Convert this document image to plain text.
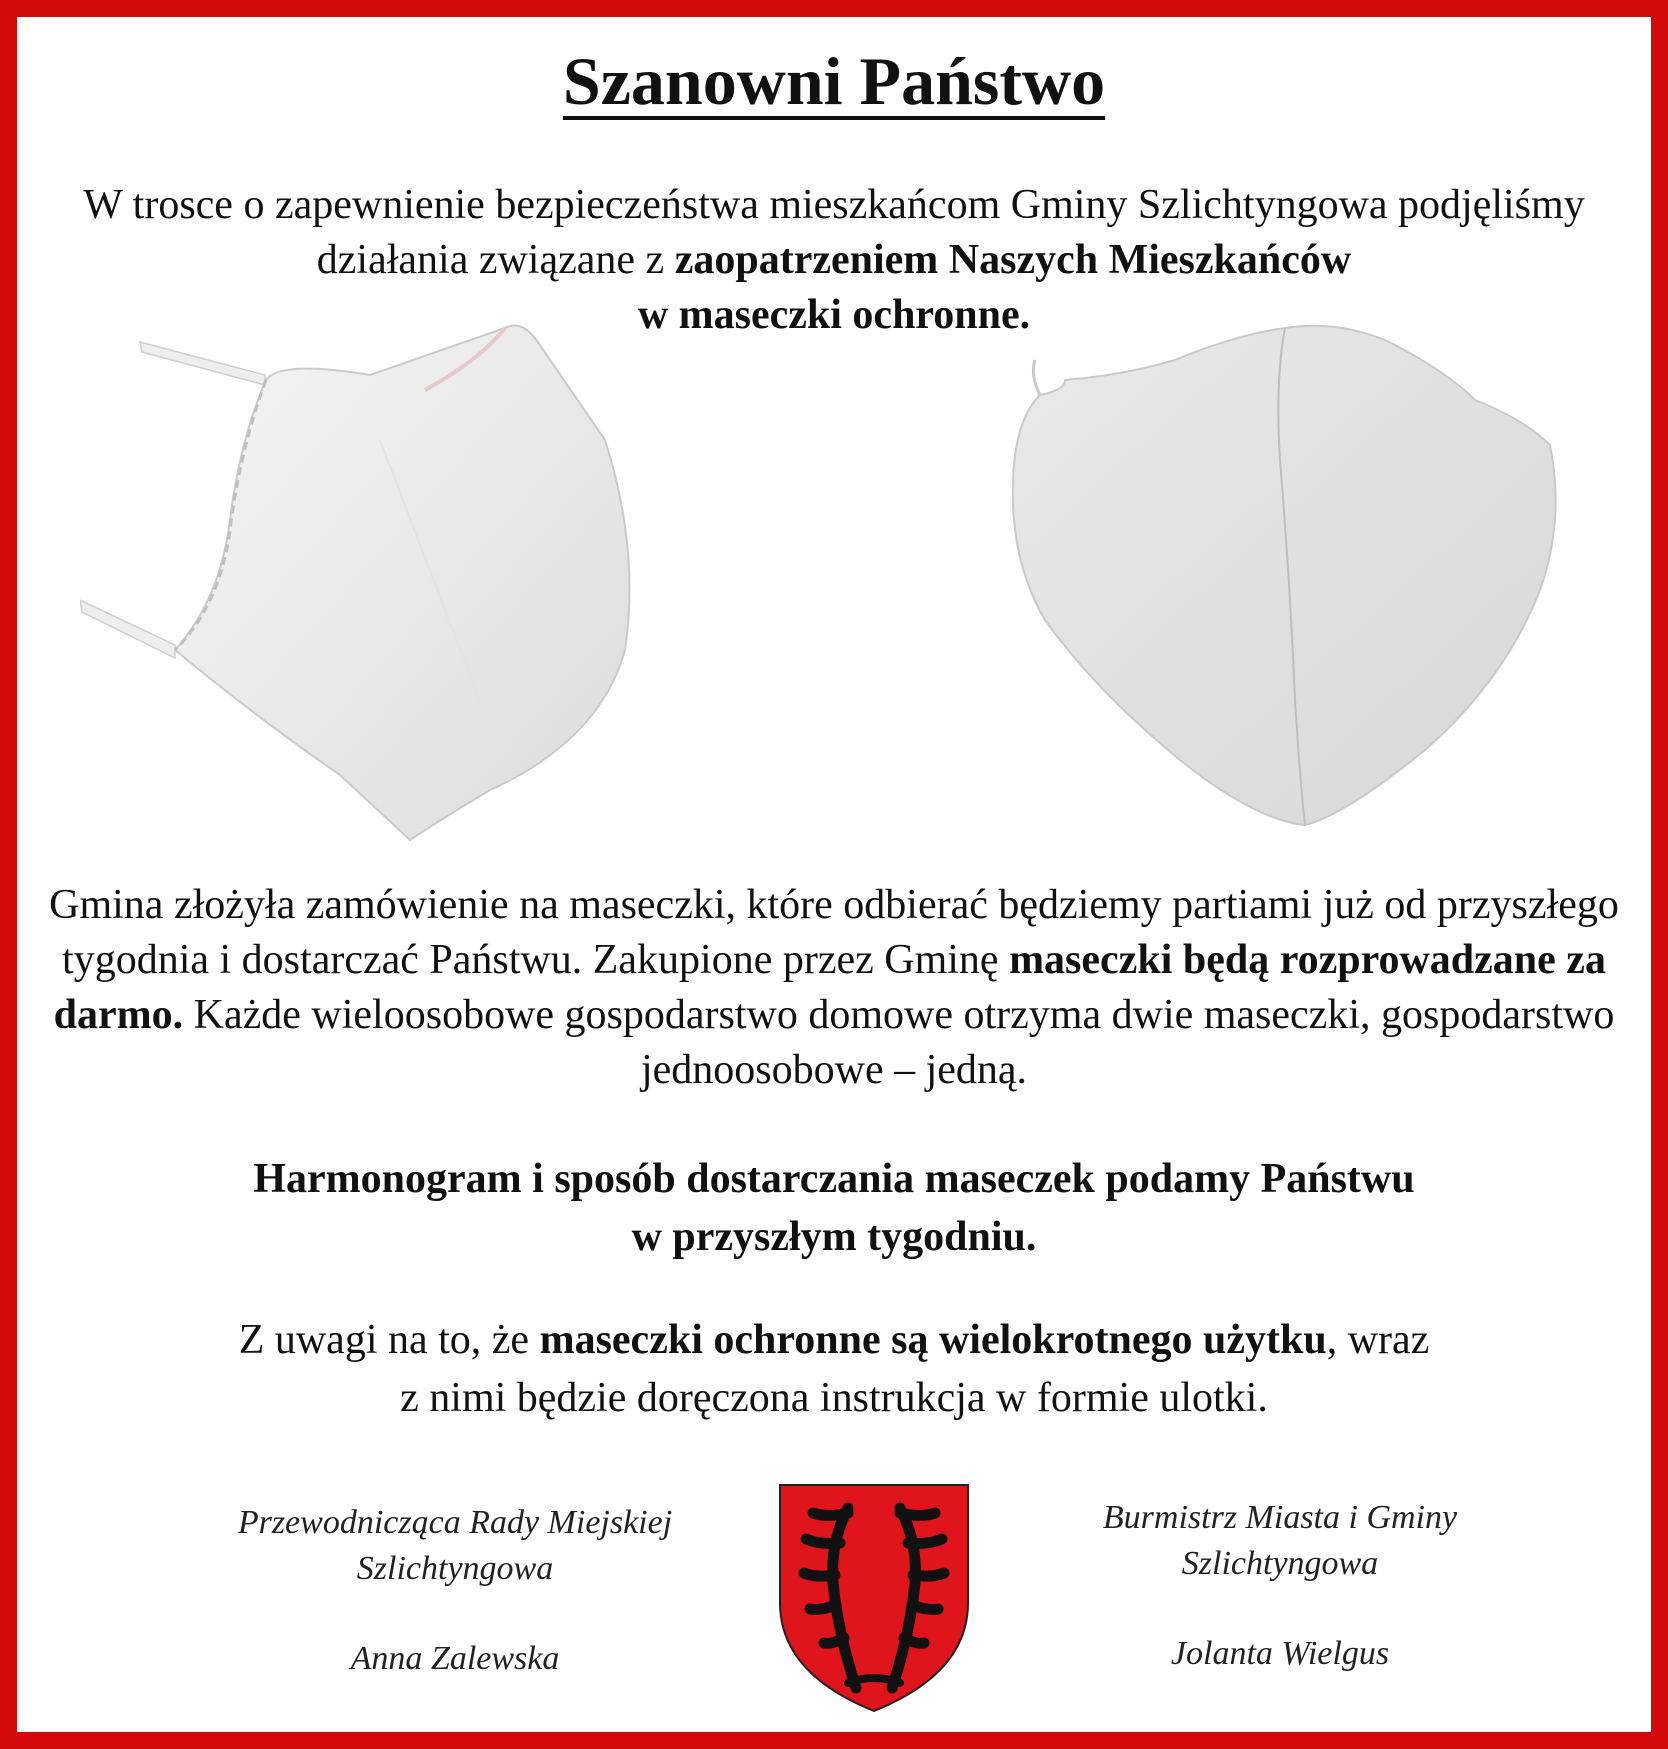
Szanowni Państwo
W trosce o zapewnienie bezpieczeństwa mieszkańcom Gminy Szlichtyngowa podjęliśmy działania związane z zaopatrzeniem Naszych Mieszkańców
w maseczki ochronne.
Gmina złożyła zamówienie na maseczki, które odbierać będziemy partiami już od przyszłego tygodnia i dostarczać Państwu. Zakupione przez Gminę maseczki będą rozprowadzane za darmo. Każde wieloosobowe gospodarstwo domowe otrzyma dwie maseczki, gospodarstwo jednoosobowe – jedną.
Harmonogram i sposób dostarczania maseczek podamy Państwu
w przyszłym tygodniu.
Z uwagi na to, że maseczki ochronne są wielokrotnego użytku, wraz
z nimi będzie doręczona instrukcja w formie ulotki.
Przewodnicząca Rady Miejskiej
Szlichtyngowa
Anna Zalewska
Burmistrz Miasta i Gminy
Szlichtyngowa
Jolanta Wielgus
